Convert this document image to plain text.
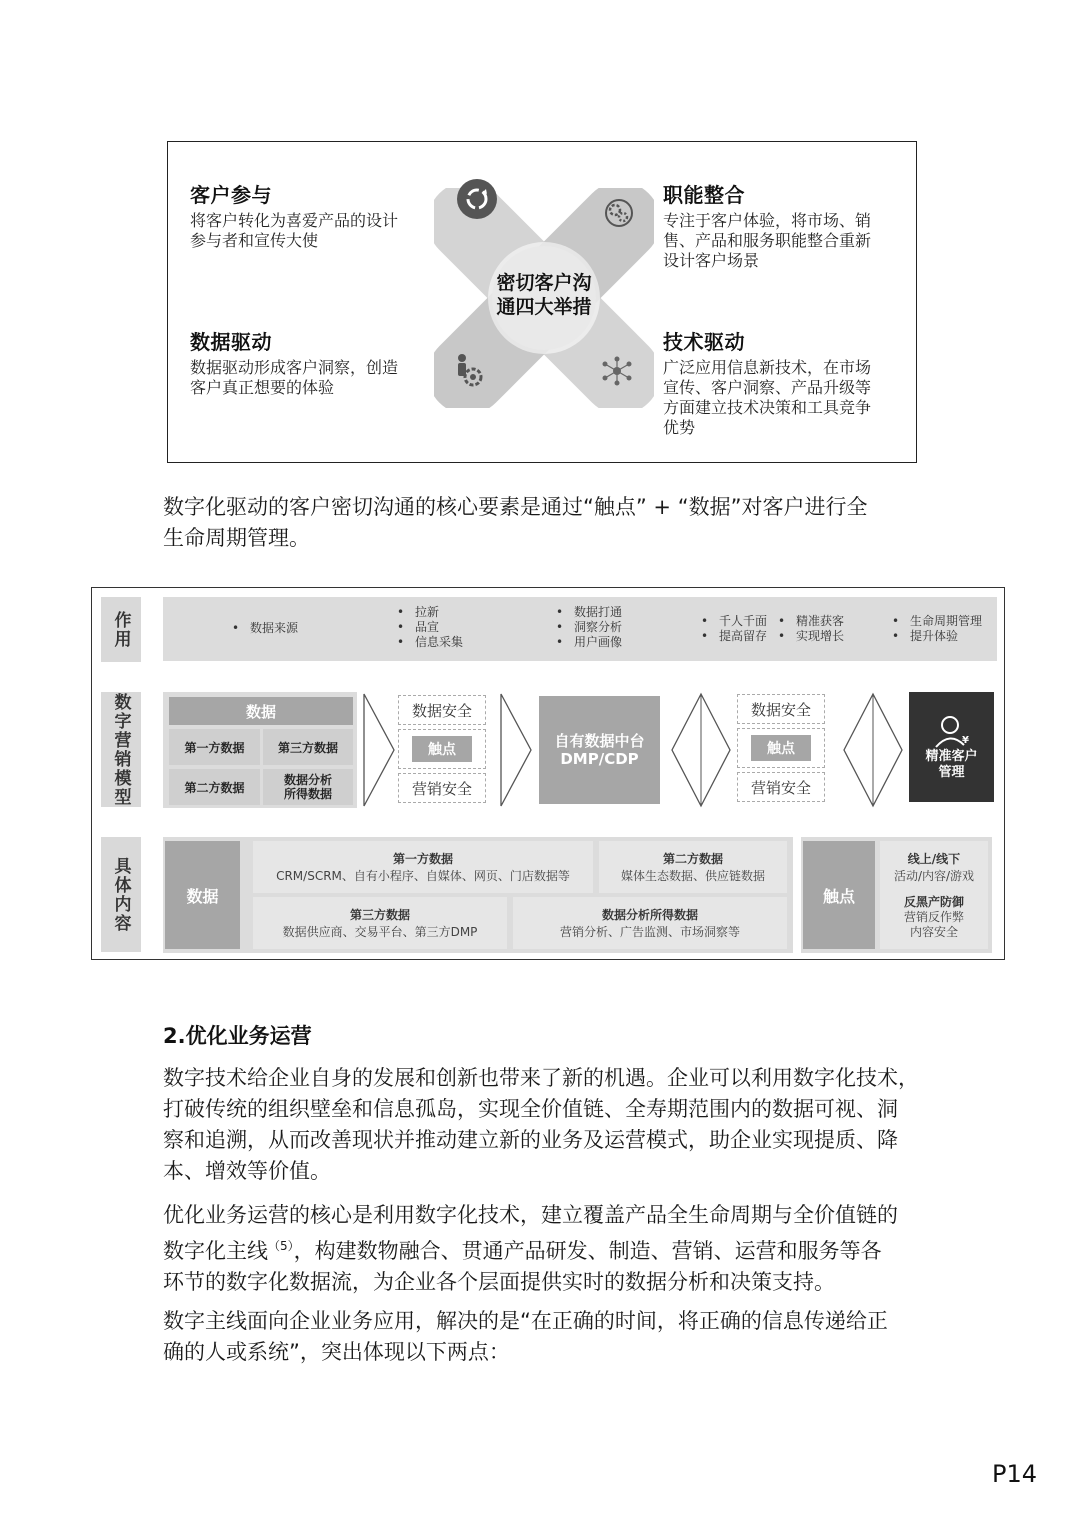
密切客户沟
通四大举措
客户参与
将客户转化为喜爱产品的设计
参与者和宣传大使
职能整合
专注于客户体验，将市场、销
售、产品和服务职能整合重新
设计客户场景
数据驱动
数据驱动形成客户洞察，创造
客户真正想要的体验
技术驱动
广泛应用信息新技术，在市场
宣传、客户洞察、产品升级等
方面建立技术决策和工具竞争
优势
数字化驱动的客户密切沟通的核心要素是通过“触点” + “数据”对客户进行全
生命周期管理。
作用
数字营销模型
具体内容
• 数据来源
• 拉新
• 品宣
• 信息采集
• 数据打通
• 洞察分析
• 用户画像
• 千人千面
• 提高留存
• 精准获客
• 实现增长
• 生命周期管理
• 提升体验
数据
第一方数据	第三方数据
第二方数据
数据分析
所得数据
数据安全
触点
营销安全
自有数据中台
DMP/CDP
数据安全
触点
营销安全
¥
精准客户
管理
数据
第一方数据
CRM/SCRM、自有小程序、自媒体、网页、门店数据等
第二方数据
媒体生态数据、供应链数据
第三方数据
数据供应商、交易平台、第三方DMP
数据分析所得数据
营销分析、广告监测、市场洞察等
触点
线上/线下
活动/内容/游戏
反黑产防御
营销反作弊
内容安全
2.优化业务运营
数字技术给企业自身的发展和创新也带来了新的机遇。企业可以利用数字化技术，
打破传统的组织壁垒和信息孤岛，实现全价值链、全寿期范围内的数据可视、洞
察和追溯，从而改善现状并推动建立新的业务及运营模式，助企业实现提质、降
本、增效等价值。
优化业务运营的核心是利用数字化技术，建立覆盖产品全生命周期与全价值链的
数字化主线$^{(5)}$，构建数物融合、贯通产品研发、制造、营销、运营和服务等各
环节的数字化数据流，为企业各个层面提供实时的数据分析和决策支持。
数字主线面向企业业务应用，解决的是“在正确的时间，将正确的信息传递给正
确的人或系统”，突出体现以下两点：
P14
